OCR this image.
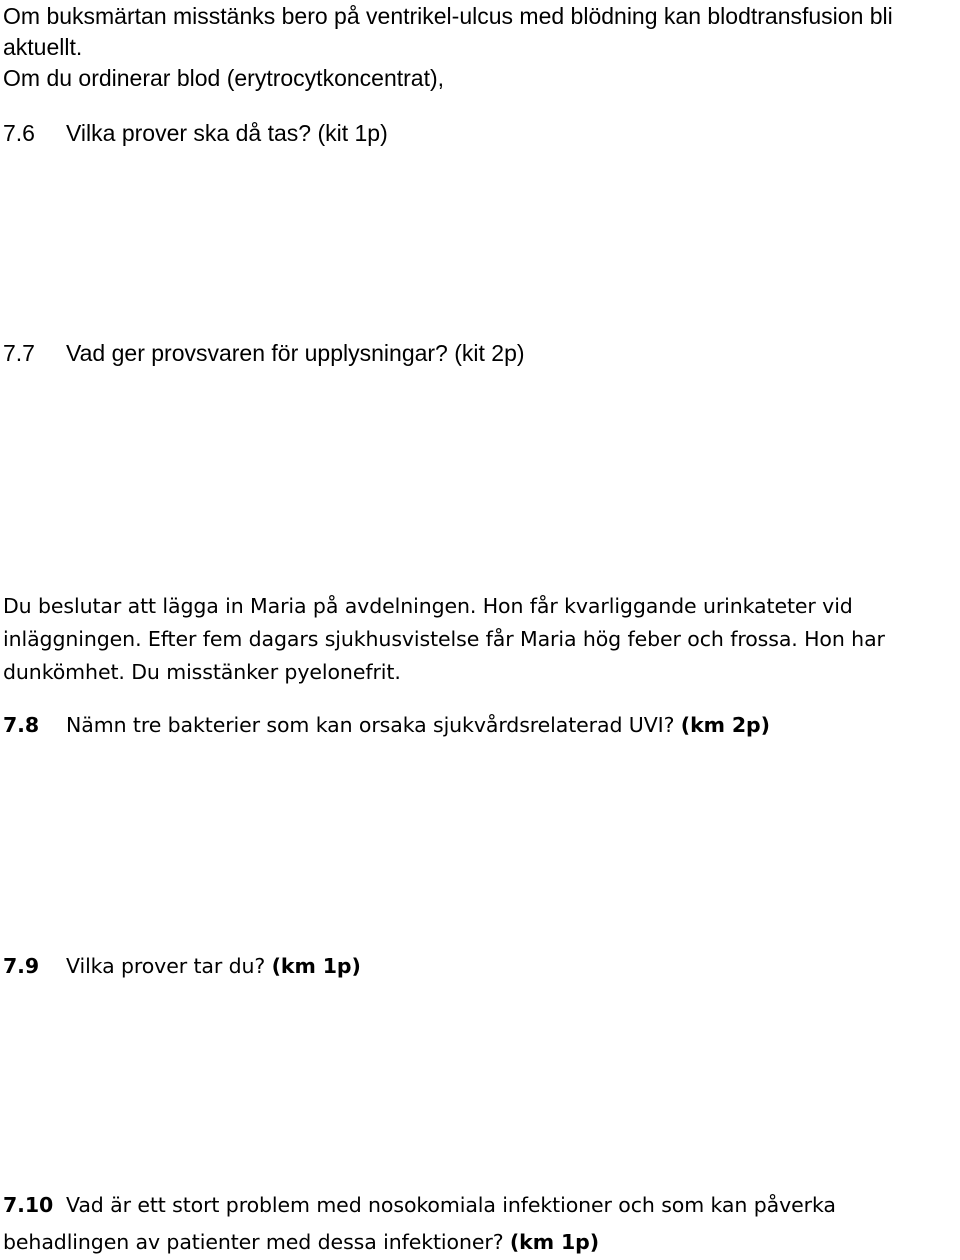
Om buksmärtan misstänks bero på ventrikel-ulcus med blödning kan blodtransfusion bli
aktuellt.
Om du ordinerar blod (erytrocytkoncentrat),
7.6 Vilka prover ska då tas? (kit 1p)
7.7 Vad ger provsvaren för upplysningar? (kit 2p)
Du beslutar att lägga in Maria på avdelningen. Hon får kvarliggande urinkateter vid
inläggningen. Efter fem dagars sjukhusvistelse får Maria hög feber och frossa. Hon har
dunkömhet. Du misstänker pyelonefrit.
7.8 Nämn tre bakterier som kan orsaka sjukvårdsrelaterad UVI? (km 2p)
7.9 Vilka prover tar du? (km 1p)
7.10 Vad är ett stort problem med nosokomiala infektioner och som kan påverka
behadlingen av patienter med dessa infektioner? (km 1p)
